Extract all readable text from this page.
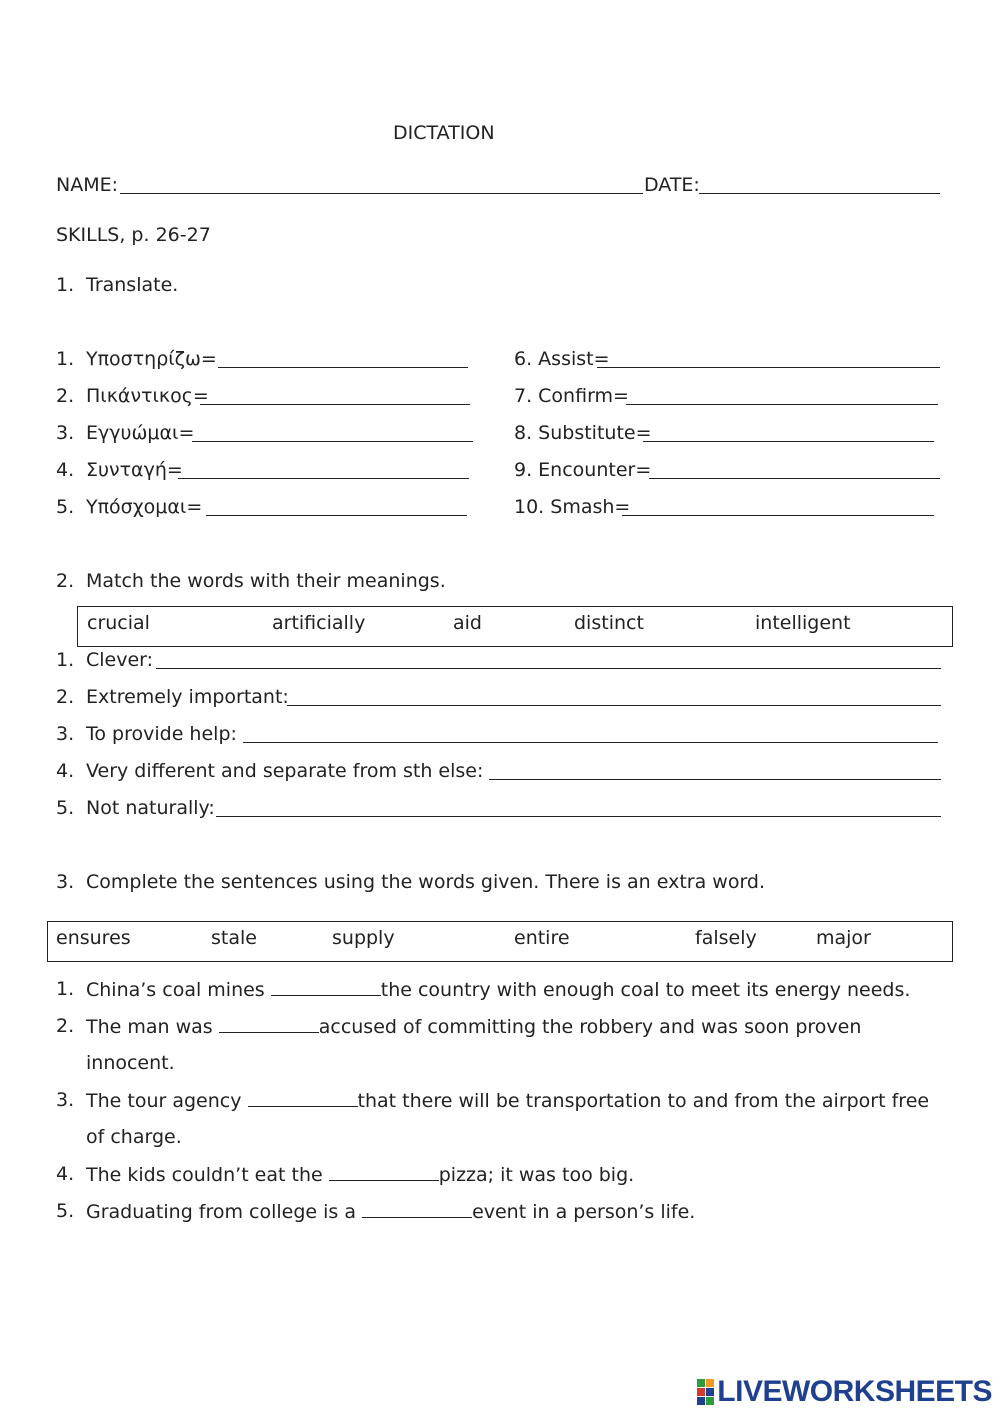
DICTATION
NAME:	DATE:
SKILLS, p. 26-27
1. Translate.
1. Υποστηρίζω=
2. Πικάντικος=
3. Εγγυώμαι=
4. Συνταγή=
5. Υπόσχομαι=
6. Assist=
7. Confirm=
8. Substitute=
9. Encounter=
10. Smash=
2. Match the words with their meanings.
crucial	artificially	aid	distinct	intelligent
1. Clever:
2. Extremely important:
3. To provide help:
4. Very different and separate from sth else:
5. Not naturally:
3. Complete the sentences using the words given. There is an extra word.
ensures	stale	supply	entire	falsely	major
1. China’s coal mines	the country with enough coal to meet its energy needs.
2. The man was	accused of committing the robbery and was soon proven
innocent.
3. The tour agency	that there will be transportation to and from the airport free
of charge.
4. The kids couldn’t eat the	pizza; it was too big.
5. Graduating from college is a	event in a person’s life.
LIVEWORKSHEETS
